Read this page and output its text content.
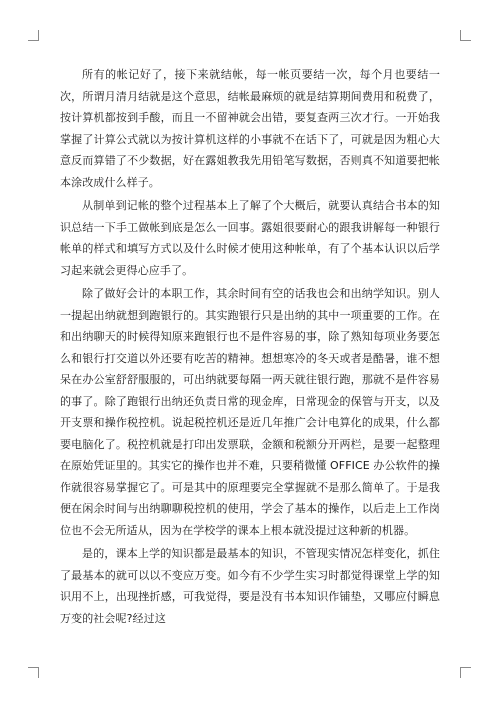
所有的帐记好了，接下来就结帐，每一帐页要结一次，每个月也要结一次，所谓月清月结就是这个意思，结帐最麻烦的就是结算期间费用和税费了，按计算机都按到手酸，而且一不留神就会出错，要复查两三次才行。一开始我掌握了计算公式就以为按计算机这样的小事就不在话下了，可就是因为粗心大意反而算错了不少数据，好在露姐教我先用铅笔写数据，否则真不知道要把帐本涂改成什么样子。

从制单到记帐的整个过程基本上了解了个大概后，就要认真结合书本的知识总结一下手工做帐到底是怎么一回事。露姐很要耐心的跟我讲解每一种银行帐单的样式和填写方式以及什么时候才使用这种帐单，有了个基本认识以后学习起来就会更得心应手了。

除了做好会计的本职工作，其余时间有空的话我也会和出纳学知识。别人一提起出纳就想到跑银行的。其实跑银行只是出纳的其中一项重要的工作。在和出纳聊天的时候得知原来跑银行也不是件容易的事，除了熟知每项业务要怎么和银行打交道以外还要有吃苦的精神。想想寒冷的冬天或者是酷暑，谁不想呆在办公室舒舒服服的，可出纳就要每隔一两天就往银行跑，那就不是件容易的事了。除了跑银行出纳还负责日常的现金库，日常现金的保管与开支，以及开支票和操作税控机。说起税控机还是近几年推广会计电算化的成果，什么都要电脑化了。税控机就是打印出发票联，金额和税额分开两栏，是要一起整理在原始凭证里的。其实它的操作也并不难，只要稍微懂 OFFICE 办公软件的操作就很容易掌握它了。可是其中的原理要完全掌握就不是那么简单了。于是我便在闲余时间与出纳聊聊税控机的使用，学会了基本的操作，以后走上工作岗位也不会无所适从，因为在学校学的课本上根本就没提过这种新的机器。

是的，课本上学的知识都是最基本的知识，不管现实情况怎样变化，抓住了最基本的就可以以不变应万变。如今有不少学生实习时都觉得课堂上学的知识用不上，出现挫折感，可我觉得，要是没有书本知识作铺垫，又哪应付瞬息万变的社会呢?经过这
